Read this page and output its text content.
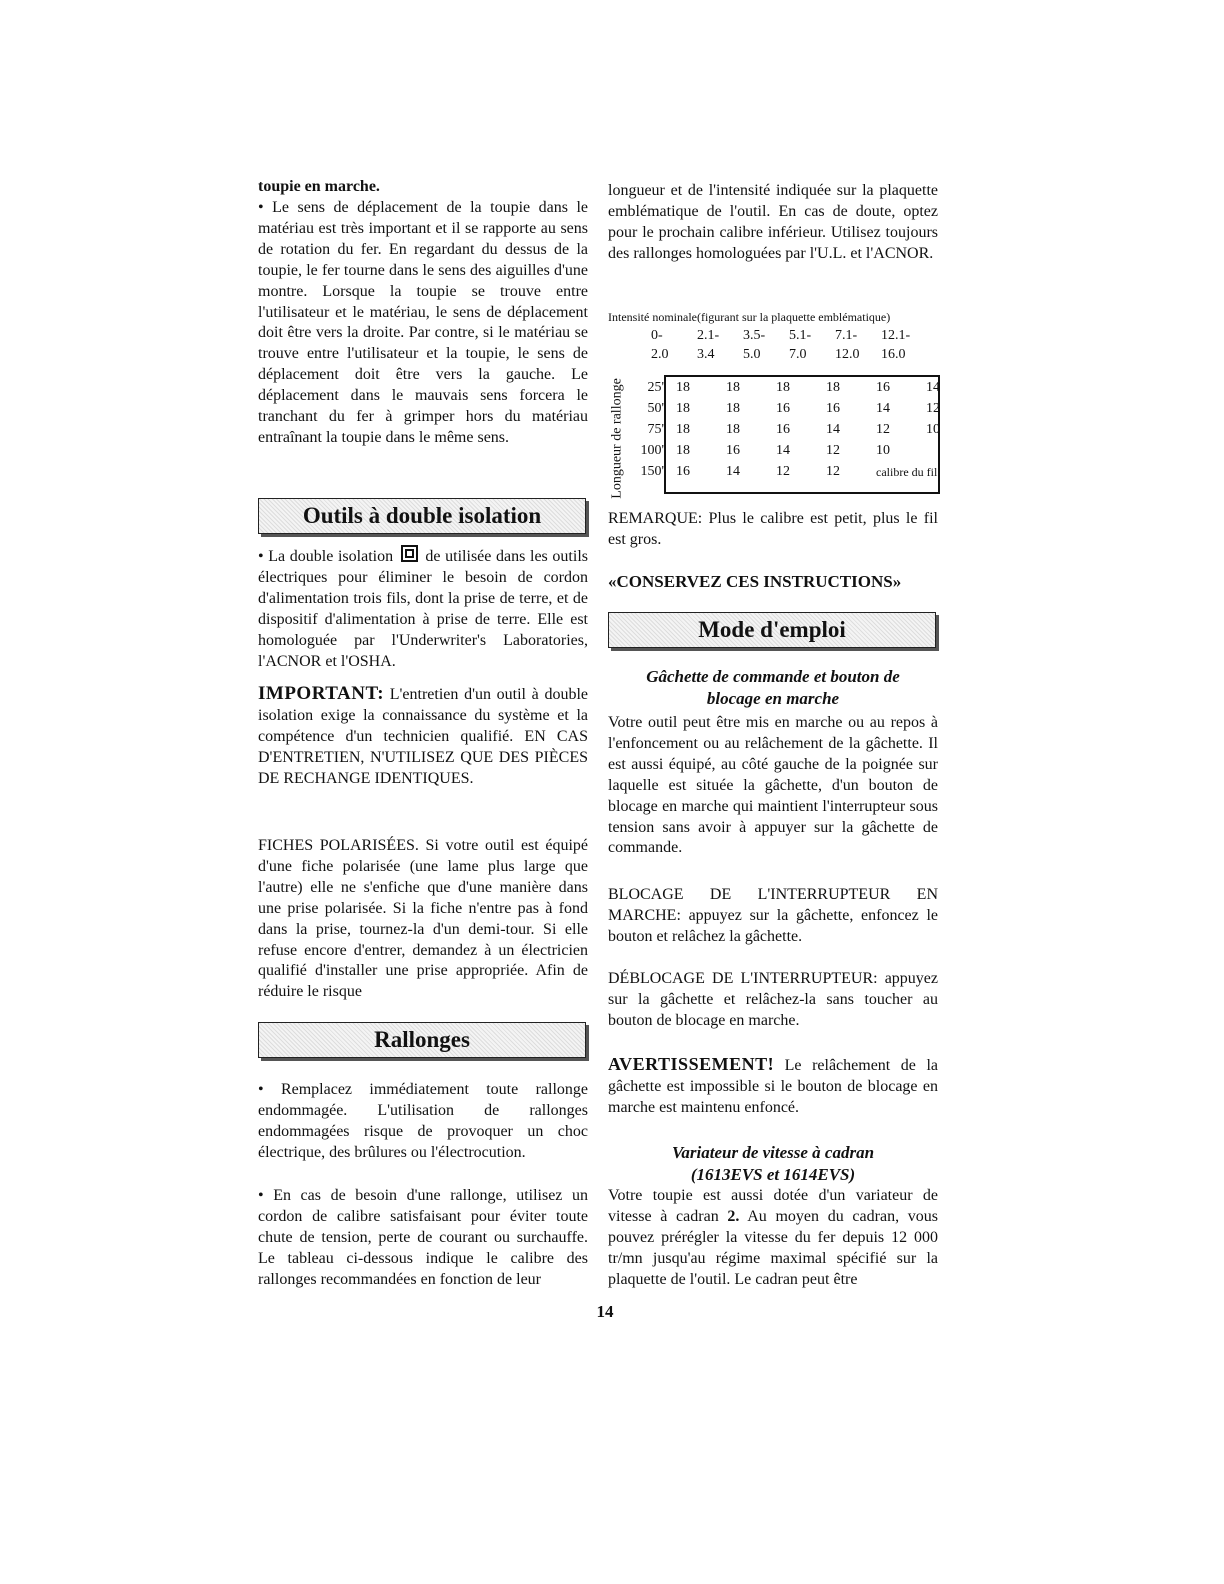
toupie en marche.
• Le sens de déplacement de la toupie dans le matériau est très important et il se rapporte au sens de rotation du fer. En regardant du dessus de la toupie, le fer tourne dans le sens des aiguilles d'une montre. Lorsque la toupie se trouve entre l'utilisateur et le matériau, le sens de déplacement doit être vers la droite. Par contre, si le matériau se trouve entre l'utilisateur et la toupie, le sens de déplacement doit être vers la gauche. Le déplacement dans le mauvais sens forcera le tranchant du fer à grimper hors du matériau entraînant la toupie dans le même sens.
Outils à double isolation
• La double isolation de utilisée dans les outils électriques pour éliminer le besoin de cordon d'alimentation trois fils, dont la prise de terre, et de dispositif d'alimentation à prise de terre. Elle est homologuée par l'Underwriter's Laboratories, l'ACNOR et l'OSHA.
IMPORTANT: L'entretien d'un outil à double isolation exige la connaissance du système et la compétence d'un technicien qualifié. EN CAS D'ENTRETIEN, N'UTILISEZ QUE DES PIÈCES DE RECHANGE IDENTIQUES.
FICHES POLARISÉES. Si votre outil est équipé d'une fiche polarisée (une lame plus large que l'autre) elle ne s'enfiche que d'une manière dans une prise polarisée. Si la fiche n'entre pas à fond dans la prise, tournez-la d'un demi-tour. Si elle refuse encore d'entrer, demandez à un électricien qualifié d'installer une prise appropriée. Afin de réduire le risque
Rallonges
• Remplacez immédiatement toute rallonge endommagée. L'utilisation de rallonges endommagées risque de provoquer un choc électrique, des brûlures ou l'électrocution.
• En cas de besoin d'une rallonge, utilisez un cordon de calibre satisfaisant pour éviter toute chute de tension, perte de courant ou surchauffe. Le tableau ci-dessous indique le calibre des rallonges recommandées en fonction de leur
longueur et de l'intensité indiquée sur la plaquette emblématique de l'outil. En cas de doute, optez pour le prochain calibre inférieur. Utilisez toujours des rallonges homologuées par l'U.L. et l'ACNOR.
Intensité nominale(figurant sur la plaquette emblématique)
0-	2.1-	3.5-	5.1-	7.1-	12.1-
2.0	3.4	5.0	7.0	12.0	16.0
Longueur de rallonge 25'	18	18	18	18	16	14
50'	18	18	16	16	14	12
75'	18	18	16	14	12	10
100'	18	16	14	12	10	
150'	16	14	12	12	calibre du fil	
REMARQUE: Plus le calibre est petit, plus le fil est gros.
«CONSERVEZ CES INSTRUCTIONS»
Mode d'emploi
Gâchette de commande et bouton de blocage en marche
Votre outil peut être mis en marche ou au repos à l'enfoncement ou au relâchement de la gâchette. Il est aussi équipé, au côté gauche de la poignée sur laquelle est située la gâchette, d'un bouton de blocage en marche qui maintient l'interrupteur sous tension sans avoir à appuyer sur la gâchette de commande.
BLOCAGE DE L'INTERRUPTEUR EN MARCHE: appuyez sur la gâchette, enfoncez le bouton et relâchez la gâchette.
DÉBLOCAGE DE L'INTERRUPTEUR: appuyez sur la gâchette et relâchez-la sans toucher au bouton de blocage en marche.
AVERTISSEMENT! Le relâchement de la gâchette est impossible si le bouton de blocage en marche est maintenu enfoncé.
Variateur de vitesse à cadran
(1613EVS et 1614EVS)
Votre toupie est aussi dotée d'un variateur de vitesse à cadran 2. Au moyen du cadran, vous pouvez prérégler la vitesse du fer depuis 12 000 tr/mn jusqu'au régime maximal spécifié sur la plaquette de l'outil. Le cadran peut être
14
